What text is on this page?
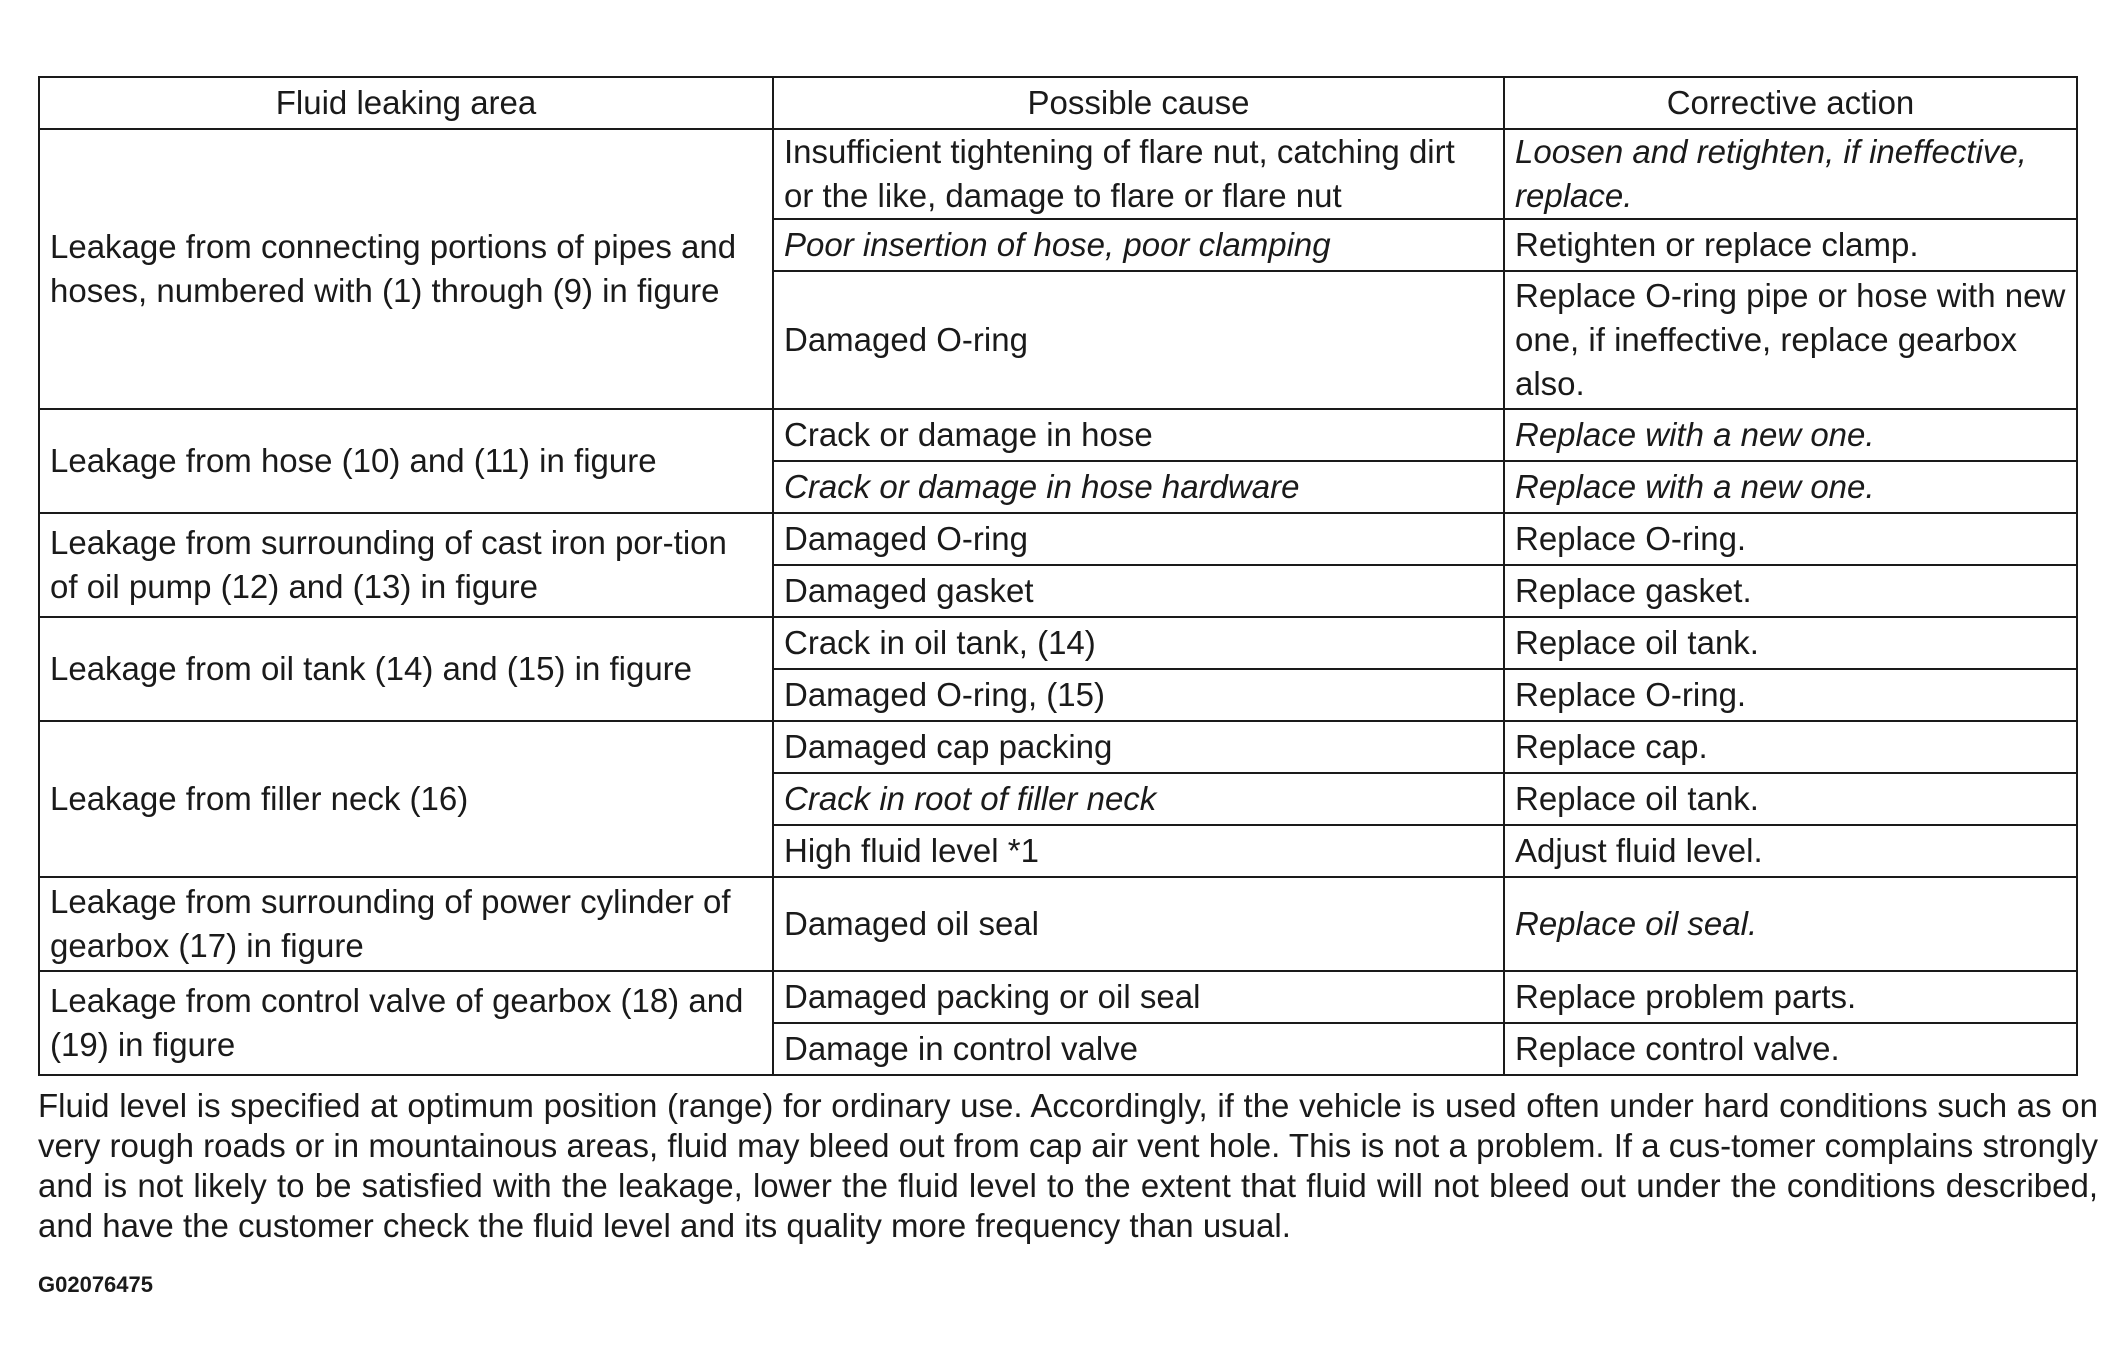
Fluid leaking area	Possible cause	Corrective action
Leakage from connecting portions of pipes and hoses, numbered with (1) through (9) in figure	Insufficient tightening of flare nut, catching dirt or the like, damage to flare or flare nut	Loosen and retighten, if ineffective, replace.
	Poor insertion of hose, poor clamping	Retighten or replace clamp.
	Damaged O-ring	Replace O-ring pipe or hose with new one, if ineffective, replace gearbox also.
Leakage from hose (10) and (11) in figure	Crack or damage in hose	Replace with a new one.
	Crack or damage in hose hardware	Replace with a new one.
Leakage from surrounding of cast iron por-tion of oil pump (12) and (13) in figure	Damaged O-ring	Replace O-ring.
	Damaged gasket	Replace gasket.
Leakage from oil tank (14) and (15) in figure	Crack in oil tank, (14)	Replace oil tank.
	Damaged O-ring, (15)	Replace O-ring.
Leakage from filler neck (16)	Damaged cap packing	Replace cap.
	Crack in root of filler neck	Replace oil tank.
	High fluid level *1	Adjust fluid level.
Leakage from surrounding of power cylinder of gearbox (17) in figure	Damaged oil seal	Replace oil seal.
Leakage from control valve of gearbox (18) and (19) in figure	Damaged packing or oil seal	Replace problem parts.
	Damage in control valve	Replace control valve.
Fluid level is specified at optimum position (range) for ordinary use. Accordingly, if the vehicle is used often under hard conditions such as on very rough roads or in mountainous areas, fluid may bleed out from cap air vent hole. This is not a problem. If a cus-tomer complains strongly and is not likely to be satisfied with the leakage, lower the fluid level to the extent that fluid will not bleed out under the conditions described, and have the customer check the fluid level and its quality more frequency than usual.
G02076475
